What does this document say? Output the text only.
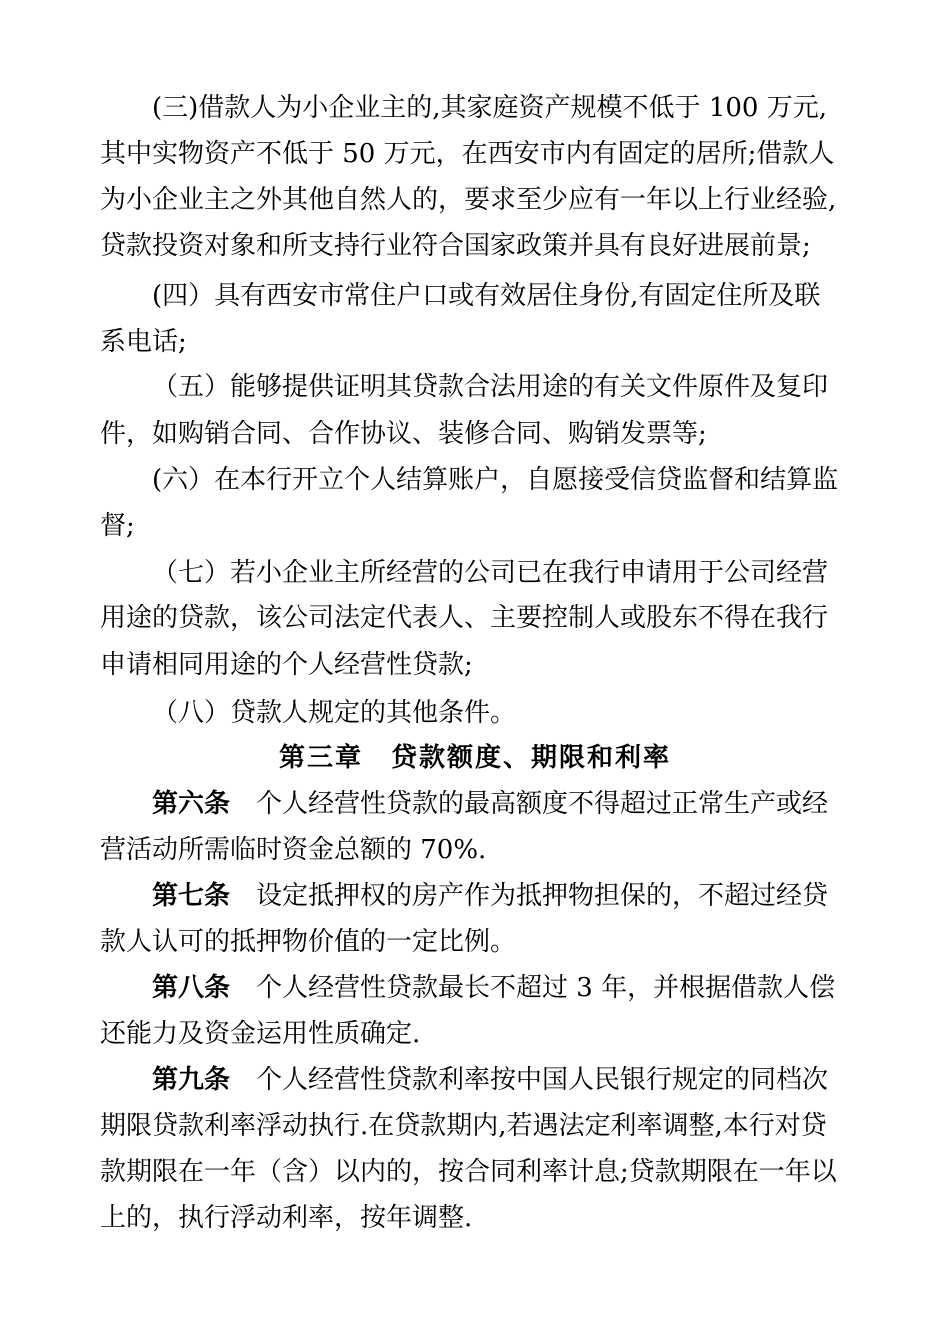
(三)借款人为小企业主的,其家庭资产规模不低于 100 万元,
其中实物资产不低于 50 万元，在西安市内有固定的居所;借款人
为小企业主之外其他自然人的，要求至少应有一年以上行业经验,
贷款投资对象和所支持行业符合国家政策并具有良好进展前景;
(四）具有西安市常住户口或有效居住身份,有固定住所及联
系电话;
（五）能够提供证明其贷款合法用途的有关文件原件及复印
件，如购销合同、合作协议、装修合同、购销发票等;
(六）在本行开立个人结算账户，自愿接受信贷监督和结算监
督;
（七）若小企业主所经营的公司已在我行申请用于公司经营
用途的贷款，该公司法定代表人、主要控制人或股东不得在我行
申请相同用途的个人经营性贷款;
（八）贷款人规定的其他条件。
第三章　贷款额度、期限和利率
第六条 个人经营性贷款的最高额度不得超过正常生产或经
营活动所需临时资金总额的 70%.
第七条 设定抵押权的房产作为抵押物担保的，不超过经贷
款人认可的抵押物价值的一定比例。
第八条 个人经营性贷款最长不超过 3 年，并根据借款人偿
还能力及资金运用性质确定.
第九条 个人经营性贷款利率按中国人民银行规定的同档次
期限贷款利率浮动执行.在贷款期内,若遇法定利率调整,本行对贷
款期限在一年（含）以内的，按合同利率计息;贷款期限在一年以
上的，执行浮动利率，按年调整.
